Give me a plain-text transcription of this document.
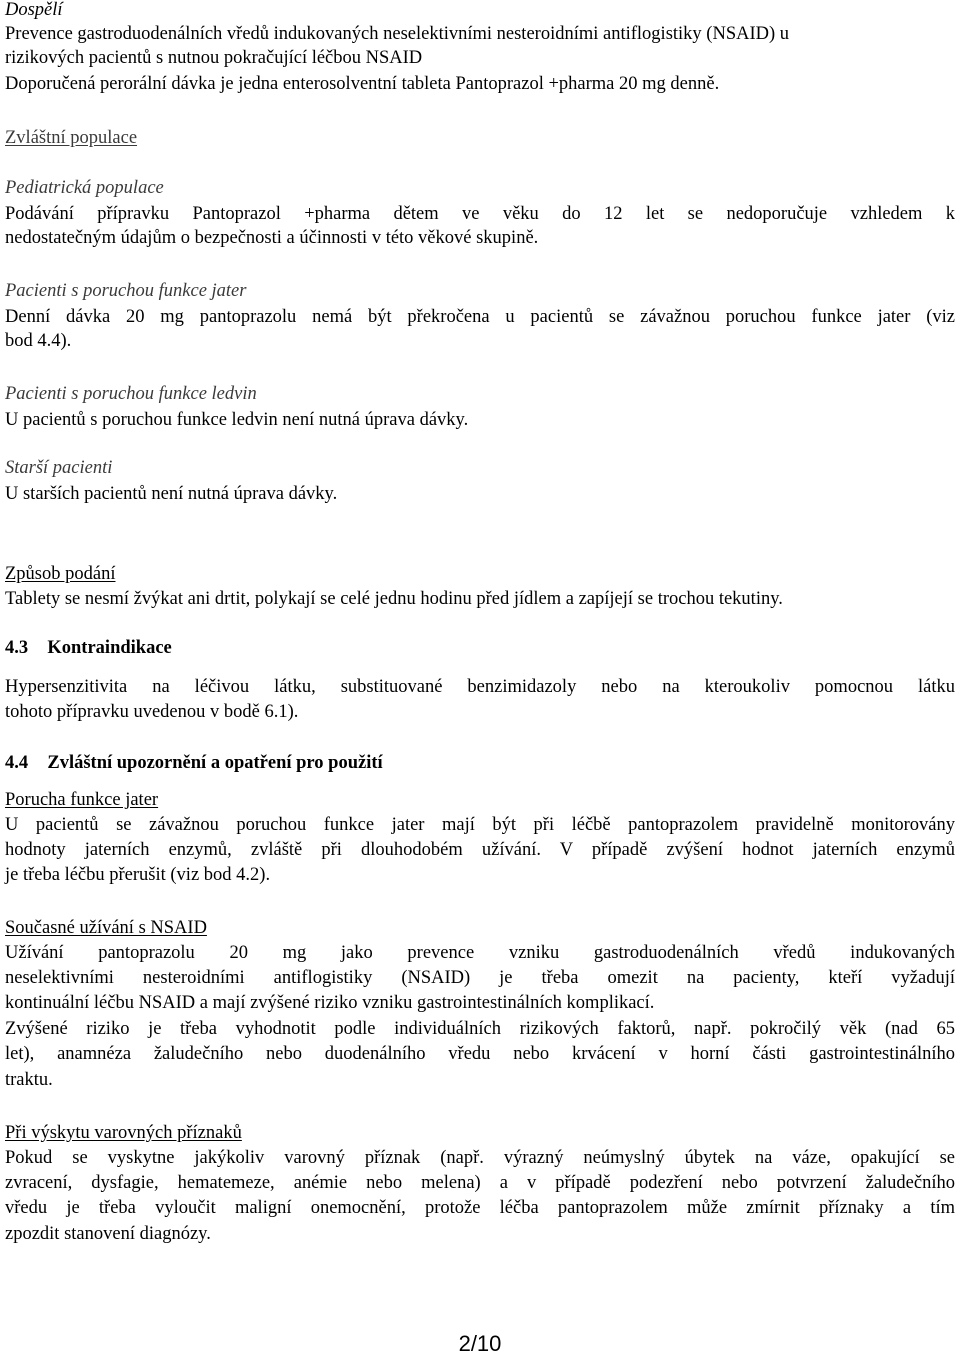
Dospělí
Prevence gastroduodenálních vředů indukovaných neselektivními nesteroidními antiflogistiky (NSAID) u
rizikových pacientů s nutnou pokračující léčbou NSAID
Doporučená perorální dávka je jedna enterosolventní tableta Pantoprazol +pharma 20 mg denně.
Zvláštní populace
Pediatrická populace
Podávání přípravku Pantoprazol +pharma dětem ve věku do 12 let se nedoporučuje vzhledem k
nedostatečným údajům o bezpečnosti a účinnosti v této věkové skupině.
Pacienti s poruchou funkce jater
Denní dávka 20 mg pantoprazolu nemá být překročena u pacientů se závažnou poruchou funkce jater (viz
bod 4.4).
Pacienti s poruchou funkce ledvin
U pacientů s poruchou funkce ledvin není nutná úprava dávky.
Starší pacienti
U starších pacientů není nutná úprava dávky.
Způsob podání
Tablety se nesmí žvýkat ani drtit, polykají se celé jednu hodinu před jídlem a zapíjejí se trochou tekutiny.
4.3 Kontraindikace
Hypersenzitivita na léčivou látku, substituované benzimidazoly nebo na kteroukoliv pomocnou látku
tohoto přípravku uvedenou v bodě 6.1).
4.4 Zvláštní upozornění a opatření pro použití
Porucha funkce jater
U pacientů se závažnou poruchou funkce jater mají být při léčbě pantoprazolem pravidelně monitorovány
hodnoty jaterních enzymů, zvláště při dlouhodobém užívání. V případě zvýšení hodnot jaterních enzymů
je třeba léčbu přerušit (viz bod 4.2).
Současné užívání s NSAID
Užívání pantoprazolu 20 mg jako prevence vzniku gastroduodenálních vředů indukovaných
neselektivními nesteroidními antiflogistiky (NSAID) je třeba omezit na pacienty, kteří vyžadují
kontinuální léčbu NSAID a mají zvýšené riziko vzniku gastrointestinálních komplikací.
Zvýšené riziko je třeba vyhodnotit podle individuálních rizikových faktorů, např. pokročilý věk (nad 65
let), anamnéza žaludečního nebo duodenálního vředu nebo krvácení v horní části gastrointestinálního
traktu.
Při výskytu varovných příznaků
Pokud se vyskytne jakýkoliv varovný příznak (např. výrazný neúmyslný úbytek na váze, opakující se
zvracení, dysfagie, hematemeze, anémie nebo melena) a v případě podezření nebo potvrzení žaludečního
vředu je třeba vyloučit maligní onemocnění, protože léčba pantoprazolem může zmírnit příznaky a tím
zpozdit stanovení diagnózy.
2/10
